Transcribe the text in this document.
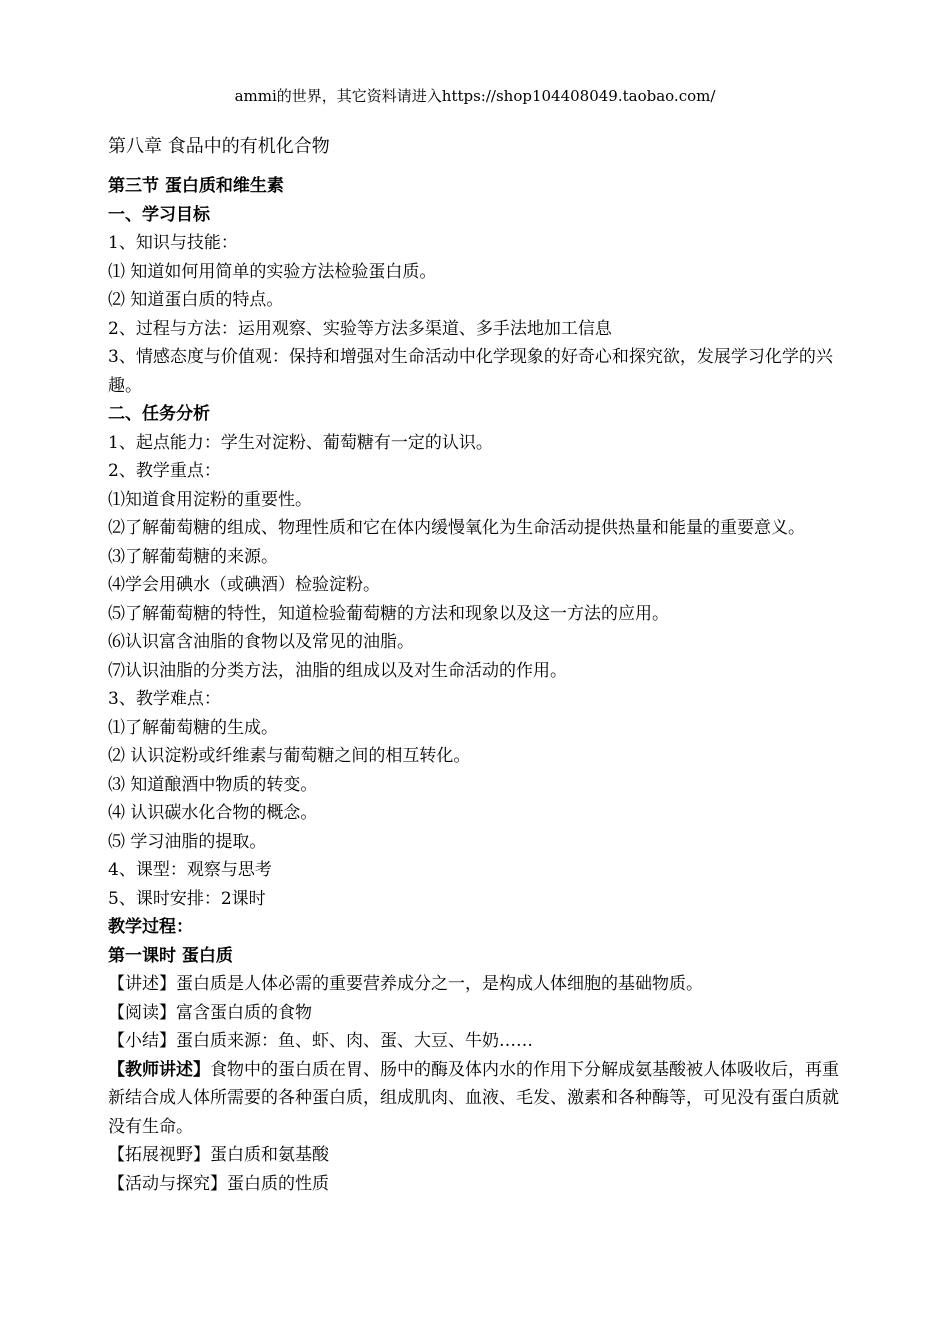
ammi的世界，其它资料请进入https://shop104408049.taobao.com/
第八章 食品中的有机化合物
第三节 蛋白质和维生素
一、学习目标
1、知识与技能：
⑴ 知道如何用简单的实验方法检验蛋白质。
⑵ 知道蛋白质的特点。
2、过程与方法：运用观察、实验等方法多渠道、多手法地加工信息
3、情感态度与价值观：保持和增强对生命活动中化学现象的好奇心和探究欲，发展学习化学的兴趣。
二、任务分析
1、起点能力：学生对淀粉、葡萄糖有一定的认识。
2、教学重点：
⑴知道食用淀粉的重要性。
⑵了解葡萄糖的组成、物理性质和它在体内缓慢氧化为生命活动提供热量和能量的重要意义。
⑶了解葡萄糖的来源。
⑷学会用碘水（或碘酒）检验淀粉。
⑸了解葡萄糖的特性，知道检验葡萄糖的方法和现象以及这一方法的应用。
⑹认识富含油脂的食物以及常见的油脂。
⑺认识油脂的分类方法，油脂的组成以及对生命活动的作用。
3、教学难点：
⑴了解葡萄糖的生成。
⑵ 认识淀粉或纤维素与葡萄糖之间的相互转化。
⑶ 知道酿酒中物质的转变。
⑷ 认识碳水化合物的概念。
⑸ 学习油脂的提取。
4、课型：观察与思考
5、课时安排：2课时
教学过程：
第一课时 蛋白质
【讲述】蛋白质是人体必需的重要营养成分之一，是构成人体细胞的基础物质。
【阅读】富含蛋白质的食物
【小结】蛋白质来源：鱼、虾、肉、蛋、大豆、牛奶……
【教师讲述】食物中的蛋白质在胃、肠中的酶及体内水的作用下分解成氨基酸被人体吸收后，再重新结合成人体所需要的各种蛋白质，组成肌肉、血液、毛发、激素和各种酶等，可见没有蛋白质就没有生命。
【拓展视野】蛋白质和氨基酸
【活动与探究】蛋白质的性质
